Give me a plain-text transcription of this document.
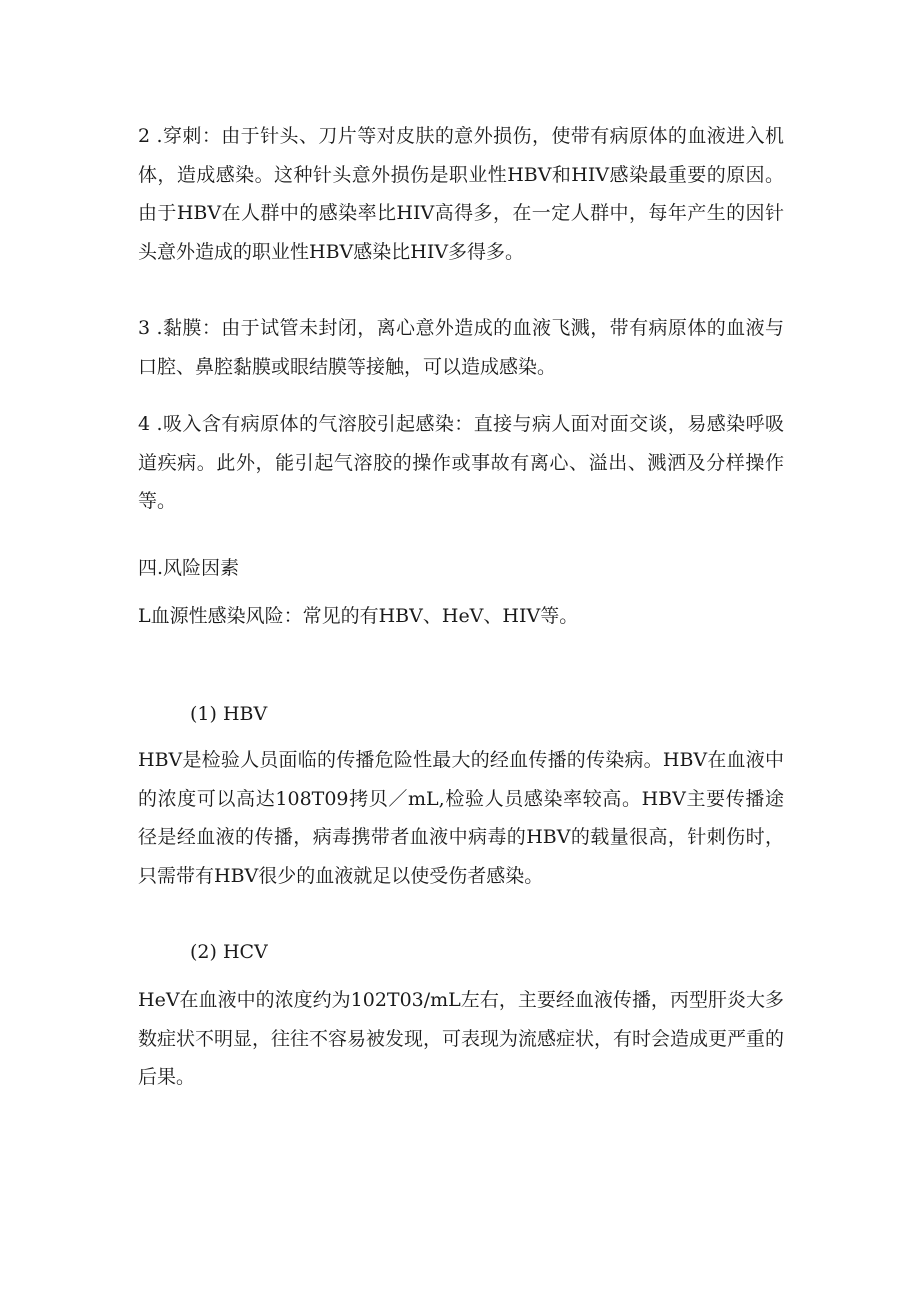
2 .穿刺：由于针头、刀片等对皮肤的意外损伤，使带有病原体的血液进入机体，造成感染。这种针头意外损伤是职业性HBV和HIV感染最重要的原因。由于HBV在人群中的感染率比HIV高得多，在一定人群中，每年产生的因针头意外造成的职业性HBV感染比HIV多得多。

3 .黏膜：由于试管未封闭，离心意外造成的血液飞溅，带有病原体的血液与口腔、鼻腔黏膜或眼结膜等接触，可以造成感染。

4 .吸入含有病原体的气溶胶引起感染：直接与病人面对面交谈，易感染呼吸道疾病。此外，能引起气溶胶的操作或事故有离心、溢出、溅洒及分样操作等。

四.风险因素

L血源性感染风险：常见的有HBV、HeV、HIV等。

(1) HBV

HBV是检验人员面临的传播危险性最大的经血传播的传染病。HBV在血液中的浓度可以高达108T09拷贝／mL,检验人员感染率较高。HBV主要传播途径是经血液的传播，病毒携带者血液中病毒的HBV的载量很高，针刺伤时，只需带有HBV很少的血液就足以使受伤者感染。

(2) HCV

HeV在血液中的浓度约为102T03/mL左右，主要经血液传播，丙型肝炎大多数症状不明显，往往不容易被发现，可表现为流感症状，有时会造成更严重的后果。
